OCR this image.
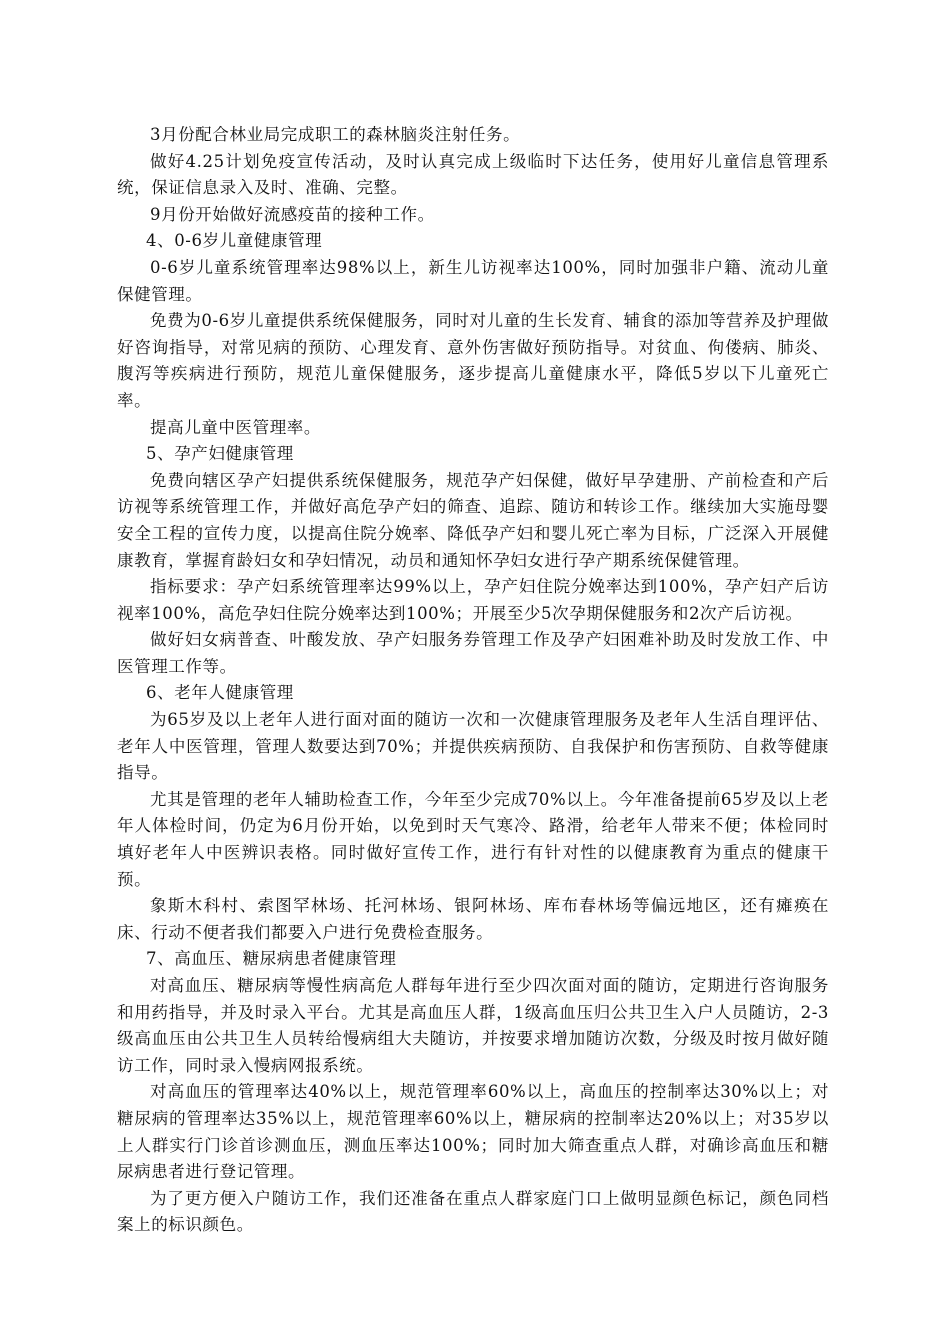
3月份配合林业局完成职工的森林脑炎注射任务。

做好4.25计划免疫宣传活动，及时认真完成上级临时下达任务，使用好儿童信息管理系统，保证信息录入及时、准确、完整。

9月份开始做好流感疫苗的接种工作。

4、0-6岁儿童健康管理

0-6岁儿童系统管理率达98%以上，新生儿访视率达100%，同时加强非户籍、流动儿童保健管理。

免费为0-6岁儿童提供系统保健服务，同时对儿童的生长发育、辅食的添加等营养及护理做好咨询指导，对常见病的预防、心理发育、意外伤害做好预防指导。对贫血、佝偻病、肺炎、腹泻等疾病进行预防，规范儿童保健服务，逐步提高儿童健康水平，降低5岁以下儿童死亡率。

提高儿童中医管理率。

5、孕产妇健康管理

免费向辖区孕产妇提供系统保健服务，规范孕产妇保健，做好早孕建册、产前检查和产后访视等系统管理工作，并做好高危孕产妇的筛查、追踪、随访和转诊工作。继续加大实施母婴安全工程的宣传力度，以提高住院分娩率、降低孕产妇和婴儿死亡率为目标，广泛深入开展健康教育，掌握育龄妇女和孕妇情况，动员和通知怀孕妇女进行孕产期系统保健管理。

指标要求：孕产妇系统管理率达99%以上，孕产妇住院分娩率达到100%，孕产妇产后访视率100%，高危孕妇住院分娩率达到100%；开展至少5次孕期保健服务和2次产后访视。

做好妇女病普查、叶酸发放、孕产妇服务券管理工作及孕产妇困难补助及时发放工作、中医管理工作等。

6、老年人健康管理

为65岁及以上老年人进行面对面的随访一次和一次健康管理服务及老年人生活自理评估、老年人中医管理，管理人数要达到70%；并提供疾病预防、自我保护和伤害预防、自救等健康指导。

尤其是管理的老年人辅助检查工作，今年至少完成70%以上。今年准备提前65岁及以上老年人体检时间，仍定为6月份开始，以免到时天气寒冷、路滑，给老年人带来不便；体检同时填好老年人中医辨识表格。同时做好宣传工作，进行有针对性的以健康教育为重点的健康干预。

象斯木科村、索图罕林场、托河林场、银阿林场、库布春林场等偏远地区，还有瘫痪在床、行动不便者我们都要入户进行免费检查服务。

7、高血压、糖尿病患者健康管理

对高血压、糖尿病等慢性病高危人群每年进行至少四次面对面的随访，定期进行咨询服务和用药指导，并及时录入平台。尤其是高血压人群，1级高血压归公共卫生入户人员随访，2-3级高血压由公共卫生人员转给慢病组大夫随访，并按要求增加随访次数，分级及时按月做好随访工作，同时录入慢病网报系统。

对高血压的管理率达40%以上，规范管理率60%以上，高血压的控制率达30%以上；对糖尿病的管理率达35%以上，规范管理率60%以上，糖尿病的控制率达20%以上；对35岁以上人群实行门诊首诊测血压，测血压率达100%；同时加大筛查重点人群，对确诊高血压和糖尿病患者进行登记管理。

为了更方便入户随访工作，我们还准备在重点人群家庭门口上做明显颜色标记，颜色同档案上的标识颜色。
